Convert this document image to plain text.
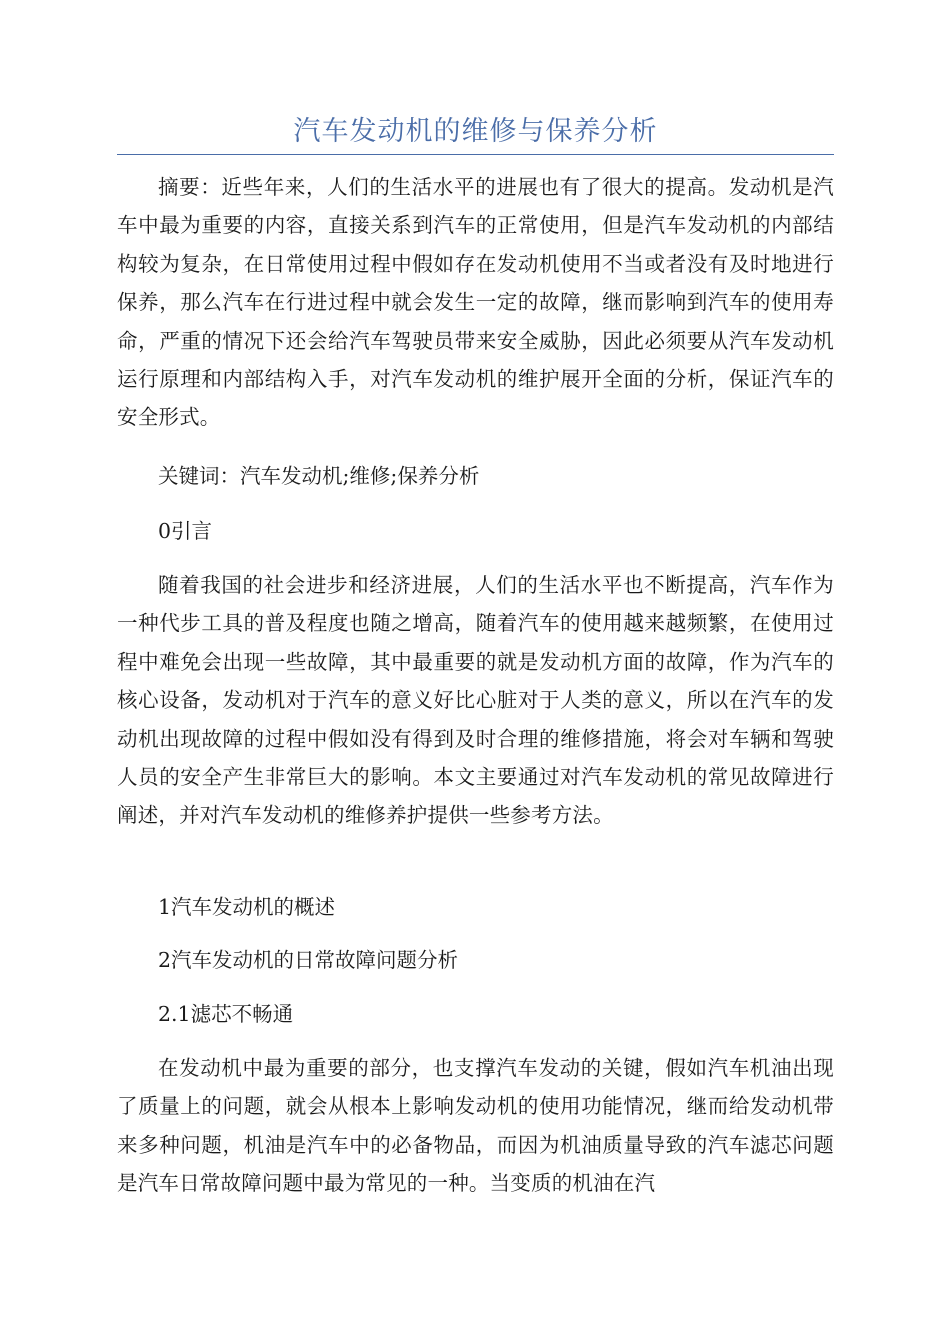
汽车发动机的维修与保养分析

摘要：近些年来，人们的生活水平的进展也有了很大的提高。发动机是汽车中最为重要的内容，直接关系到汽车的正常使用，但是汽车发动机的内部结构较为复杂，在日常使用过程中假如存在发动机使用不当或者没有及时地进行保养，那么汽车在行进过程中就会发生一定的故障，继而影响到汽车的使用寿命，严重的情况下还会给汽车驾驶员带来安全威胁，因此必须要从汽车发动机运行原理和内部结构入手，对汽车发动机的维护展开全面的分析，保证汽车的安全形式。

关键词：汽车发动机;维修;保养分析

0引言

随着我国的社会进步和经济进展，人们的生活水平也不断提高，汽车作为一种代步工具的普及程度也随之增高，随着汽车的使用越来越频繁，在使用过程中难免会出现一些故障，其中最重要的就是发动机方面的故障，作为汽车的核心设备，发动机对于汽车的意义好比心脏对于人类的意义，所以在汽车的发动机出现故障的过程中假如没有得到及时合理的维修措施，将会对车辆和驾驶人员的安全产生非常巨大的影响。本文主要通过对汽车发动机的常见故障进行阐述，并对汽车发动机的维修养护提供一些参考方法。

1汽车发动机的概述

2汽车发动机的日常故障问题分析

2.1滤芯不畅通

在发动机中最为重要的部分，也支撑汽车发动的关键，假如汽车机油出现了质量上的问题，就会从根本上影响发动机的使用功能情况，继而给发动机带来多种问题，机油是汽车中的必备物品，而因为机油质量导致的汽车滤芯问题是汽车日常故障问题中最为常见的一种。当变质的机油在汽
